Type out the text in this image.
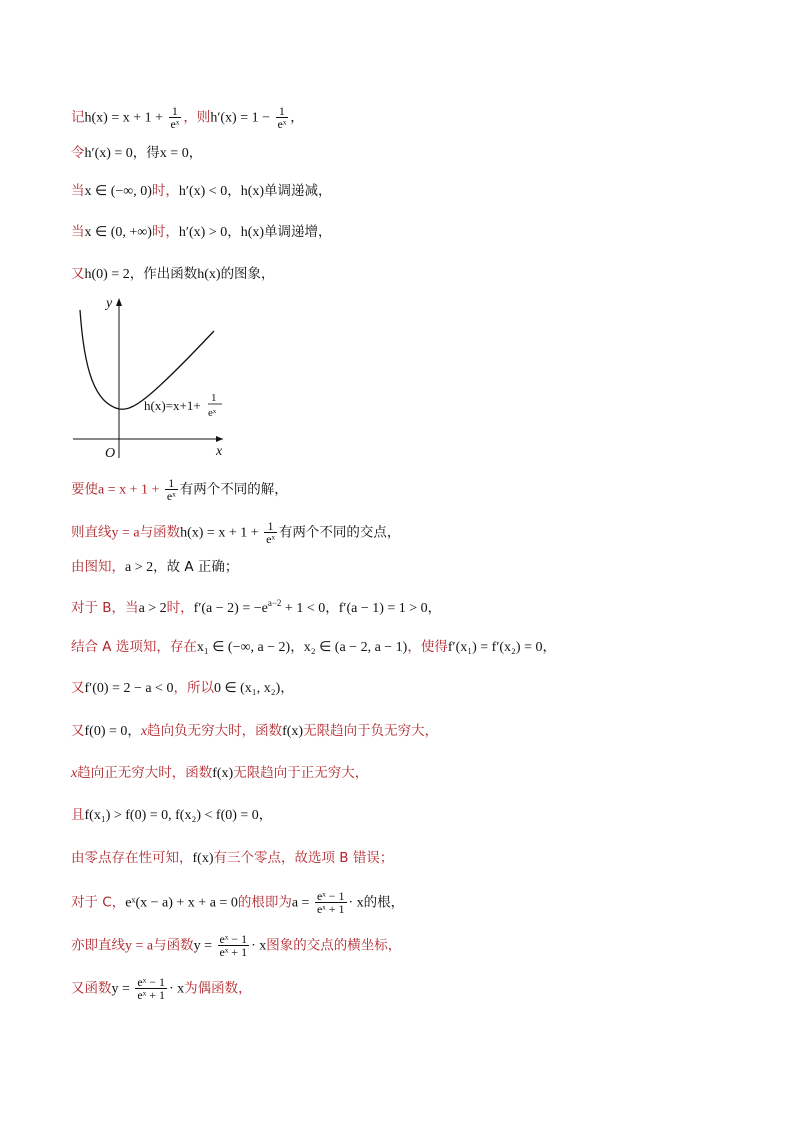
记$h(x) = x + 1 + \frac{1}{\text{eˣ}}$ ，则$h'(x) = 1 - \frac{1}{\text{eˣ}}$ ，
令h′(x) = 0，得x = 0，
当x ∈ (−∞, 0)时，h′(x) < 0，h(x)单调递减，
当x ∈ (0, +∞)时，h′(x) > 0，h(x)单调递增，
又h(0) = 2，作出函数h(x)的图象，
y
x
O
h(x)=x+1+ 1
eˣ
要使$a = x + 1 + \frac{1}{\text{eˣ}}$ 有两个不同的解，
则直线y = a与函数$h(x) = x + 1 + \frac{1}{\text{eˣ}}$ 有两个不同的交点，
由图知，a > 2，故 A 正确；
对于 B，当a > 2时，$f'(a - 2) = -e^{a-2} + 1 < 0$，f′(a − 1) = 1 > 0，
结合 A 选项知，存在x₁ ∈ (−∞, a − 2)，x₂ ∈ (a − 2, a − 1)，使得f′(x₁) = f′(x₂) = 0，
又f′(0) = 2 − a < 0，所以0 ∈ (x₁, x₂)，
又f(0) = 0，x趋向负无穷大时，函数f(x)无限趋向于负无穷大，
x趋向正无穷大时，函数f(x)无限趋向于正无穷大，
且f(x₁) > f(0) = 0, f(x₂) < f(0) = 0，
由零点存在性可知，f(x)有三个零点，故选项 B 错误；
对于 C，eˣ(x − a) + x + a = 0的根即为$a = \frac{\text{eˣ − 1}}{\text{eˣ + 1}} \cdot x$的根，
亦即直线y = a与函数$y = \frac{\text{eˣ − 1}}{\text{eˣ + 1}} \cdot x$图象的交点的横坐标，
又函数$y = \frac{\text{eˣ − 1}}{\text{eˣ + 1}} \cdot x$为偶函数，
